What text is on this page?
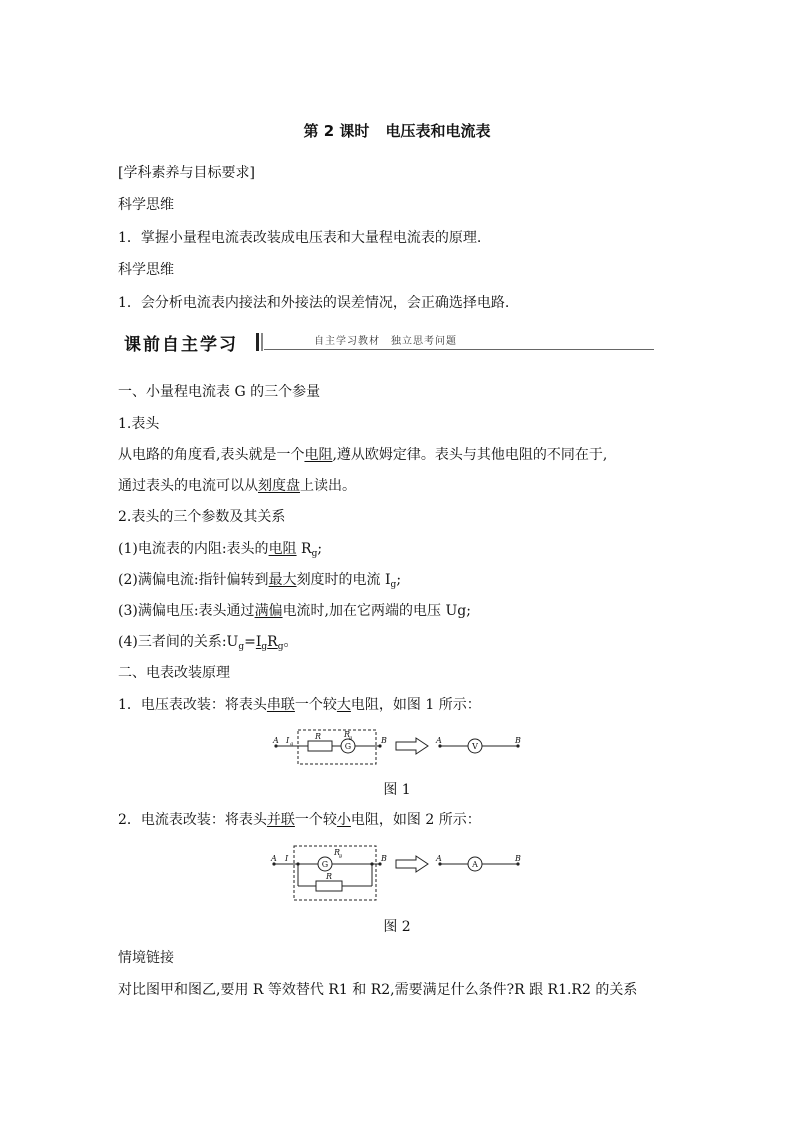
第 2 课时 电压表和电流表
[学科素养与目标要求]
科学思维
1．掌握小量程电流表改装成电压表和大量程电流表的原理.
科学思维
1．会分析电流表内接法和外接法的误差情况，会正确选择电路.
课前自主学习	自主学习教材　独立思考问题
一、小量程电流表 G 的三个参量
1.表头
从电路的角度看,表头就是一个电阻,遵从欧姆定律。表头与其他电阻的不同在于,
通过表头的电流可以从刻度盘上读出。
2.表头的三个参数及其关系
(1)电流表的内阻:表头的电阻 $R_g$;
(2)满偏电流:指针偏转到最大刻度时的电流 $I_g$;
(3)满偏电压:表头通过满偏电流时,加在它两端的电压 Ug;
(4)三者间的关系$:U_g=I_gR_g$。
二、电表改装原理
1．电压表改装：将表头串联一个较大电阻，如图 1 所示：
A I g
R	R
g	B	A	B
G	V
图 1
2．电流表改装：将表头并联一个较小电阻，如图 2 所示：
A I
R
g
R
B	A	B
G	A
图 2
情境链接
对比图甲和图乙,要用 R 等效替代 R1 和 R2,需要满足什么条件?R 跟 R1.R2 的关系
